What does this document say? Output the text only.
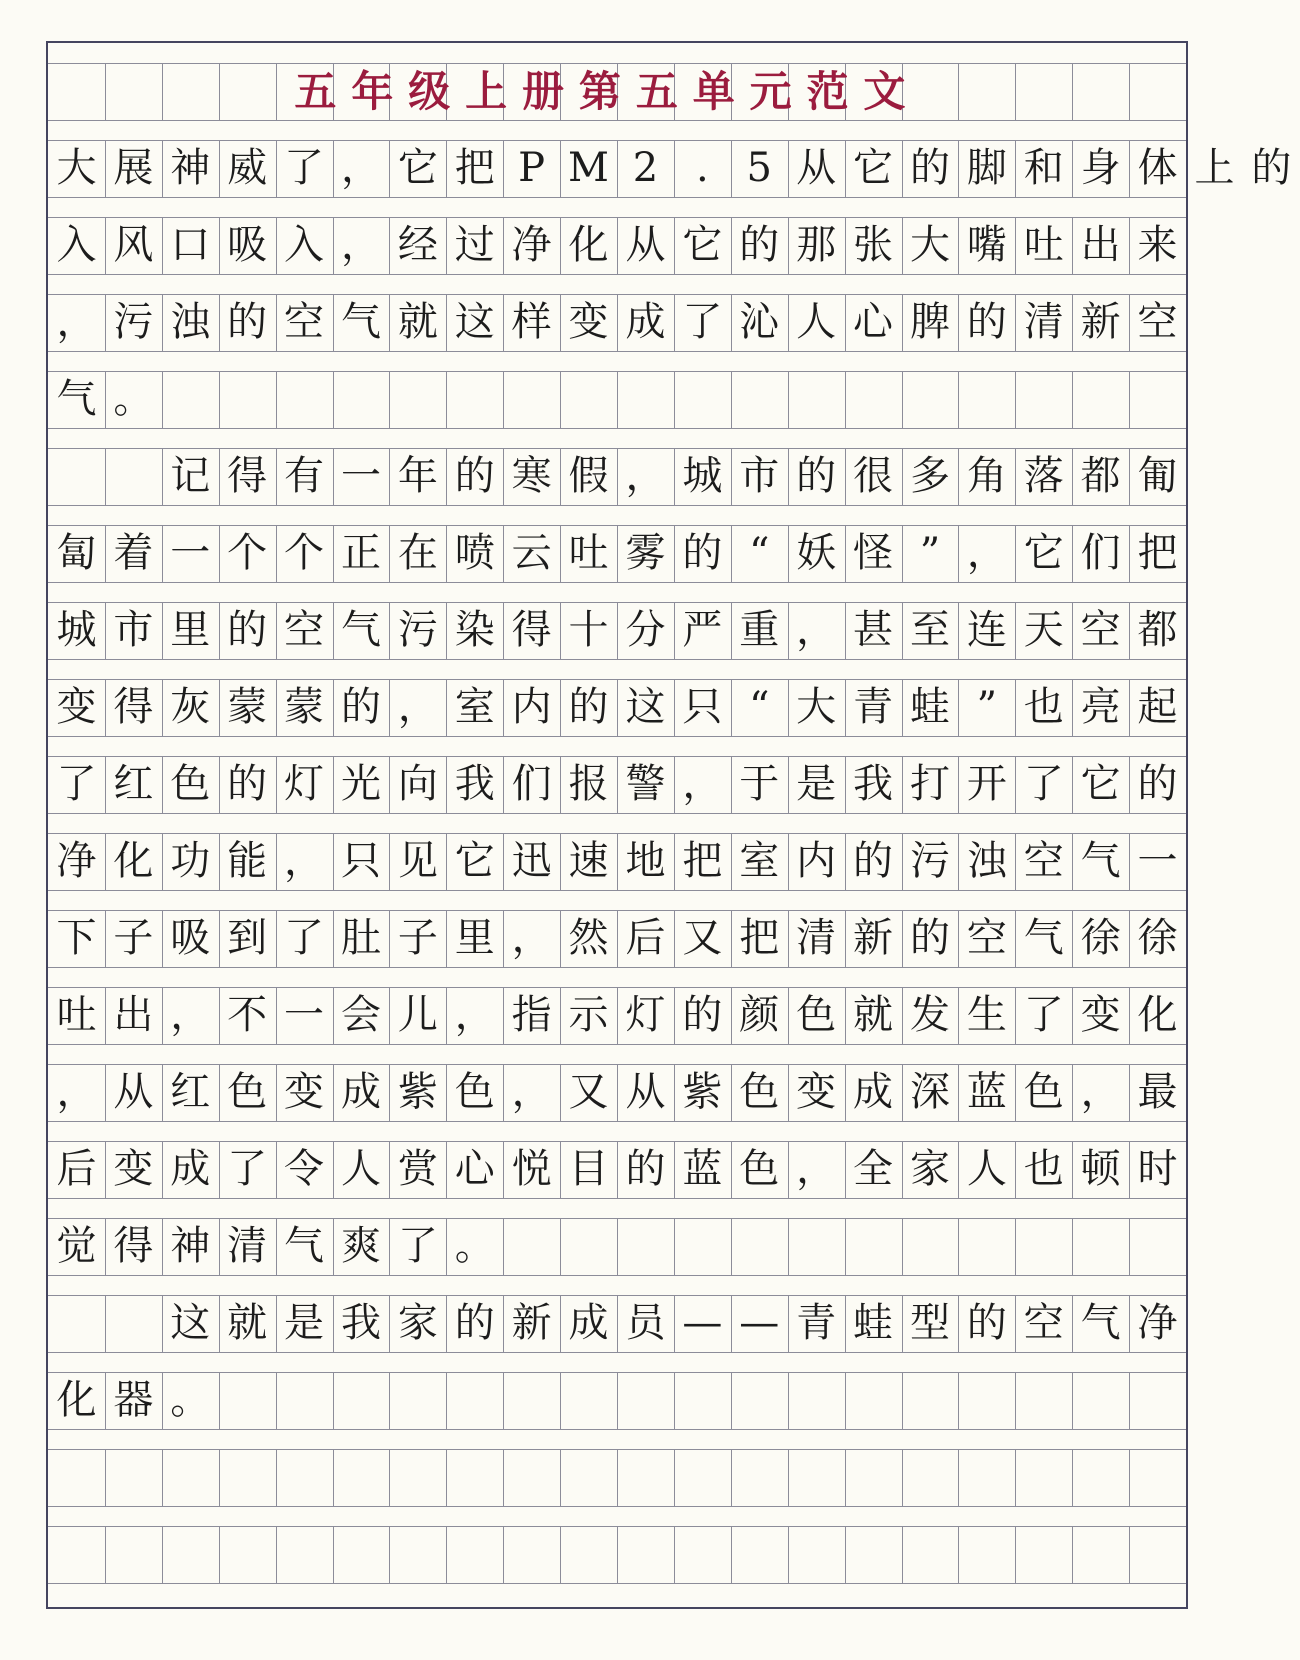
五 年 级 上 册 第 五 单 元 范 文
大 展 神 威 了 ， 它 把 P M 2 . 5 从 它 的 脚 和 身 体 上 的
入 风 口 吸 入 ， 经 过 净 化 从 它 的 那 张 大 嘴 吐 出 来
， 污 浊 的 空 气 就 这 样 变 成 了 沁 人 心 脾 的 清 新 空
气 。
记 得 有 一 年 的 寒 假 ， 城 市 的 很 多 角 落 都 匍
匐 着 一 个 个 正 在 喷 云 吐 雾 的 “ 妖 怪 ” ， 它 们 把
城 市 里 的 空 气 污 染 得 十 分 严 重 ， 甚 至 连 天 空 都
变 得 灰 蒙 蒙 的 ， 室 内 的 这 只 “ 大 青 蛙 ” 也 亮 起
了 红 色 的 灯 光 向 我 们 报 警 ， 于 是 我 打 开 了 它 的
净 化 功 能 ， 只 见 它 迅 速 地 把 室 内 的 污 浊 空 气 一
下 子 吸 到 了 肚 子 里 ， 然 后 又 把 清 新 的 空 气 徐 徐
吐 出 ， 不 一 会 儿 ， 指 示 灯 的 颜 色 就 发 生 了 变 化
， 从 红 色 变 成 紫 色 ， 又 从 紫 色 变 成 深 蓝 色 ， 最
后 变 成 了 令 人 赏 心 悦 目 的 蓝 色 ， 全 家 人 也 顿 时
觉 得 神 清 气 爽 了 。
这 就 是 我 家 的 新 成 员 — — 青 蛙 型 的 空 气 净
化 器 。
